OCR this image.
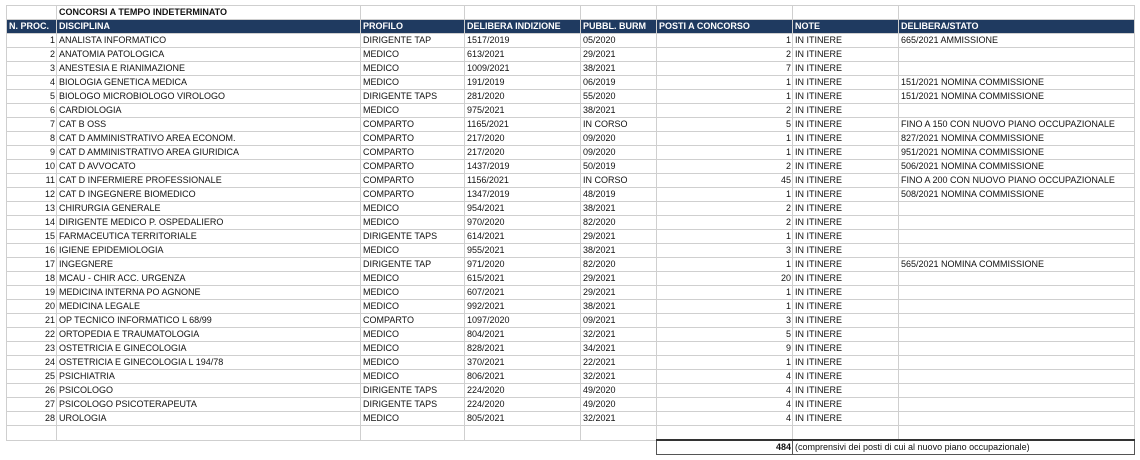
	CONCORSI A TEMPO INDETERMINATO						
N. PROC.	DISCIPLINA	PROFILO	DELIBERA INDIZIONE	PUBBL. BURM	POSTI A CONCORSO	NOTE	DELIBERA/STATO
1	ANALISTA INFORMATICO	DIRIGENTE TAP	1517/2019	05/2020	1	IN ITINERE	665/2021 AMMISSIONE
2	ANATOMIA PATOLOGICA	MEDICO	613/2021	29/2021	2	IN ITINERE	
3	ANESTESIA E RIANIMAZIONE	MEDICO	1009/2021	38/2021	7	IN ITINERE	
4	BIOLOGIA GENETICA MEDICA	MEDICO	191/2019	06/2019	1	IN ITINERE	151/2021 NOMINA COMMISSIONE
5	BIOLOGO MICROBIOLOGO VIROLOGO	DIRIGENTE TAPS	281/2020	55/2020	1	IN ITINERE	151/2021 NOMINA COMMISSIONE
6	CARDIOLOGIA	MEDICO	975/2021	38/2021	2	IN ITINERE	
7	CAT B OSS	COMPARTO	1165/2021	IN CORSO	5	IN ITINERE	FINO A 150 CON NUOVO PIANO OCCUPAZIONALE
8	CAT D AMMINISTRATIVO AREA ECONOM.	COMPARTO	217/2020	09/2020	1	IN ITINERE	827/2021 NOMINA COMMISSIONE
9	CAT D AMMINISTRATIVO AREA GIURIDICA	COMPARTO	217/2020	09/2020	1	IN ITINERE	951/2021 NOMINA COMMISSIONE
10	CAT D AVVOCATO	COMPARTO	1437/2019	50/2019	2	IN ITINERE	506/2021 NOMINA COMMISSIONE
11	CAT D INFERMIERE PROFESSIONALE	COMPARTO	1156/2021	IN CORSO	45	IN ITINERE	FINO A 200 CON NUOVO PIANO OCCUPAZIONALE
12	CAT D INGEGNERE BIOMEDICO	COMPARTO	1347/2019	48/2019	1	IN ITINERE	508/2021 NOMINA COMMISSIONE
13	CHIRURGIA GENERALE	MEDICO	954/2021	38/2021	2	IN ITINERE	
14	DIRIGENTE MEDICO P. OSPEDALIERO	MEDICO	970/2020	82/2020	2	IN ITINERE	
15	FARMACEUTICA TERRITORIALE	DIRIGENTE TAPS	614/2021	29/2021	1	IN ITINERE	
16	IGIENE EPIDEMIOLOGIA	MEDICO	955/2021	38/2021	3	IN ITINERE	
17	INGEGNERE	DIRIGENTE TAP	971/2020	82/2020	1	IN ITINERE	565/2021 NOMINA COMMISSIONE
18	MCAU - CHIR ACC. URGENZA	MEDICO	615/2021	29/2021	20	IN ITINERE	
19	MEDICINA INTERNA PO AGNONE	MEDICO	607/2021	29/2021	1	IN ITINERE	
20	MEDICINA LEGALE	MEDICO	992/2021	38/2021	1	IN ITINERE	
21	OP TECNICO INFORMATICO L 68/99	COMPARTO	1097/2020	09/2021	3	IN ITINERE	
22	ORTOPEDIA E TRAUMATOLOGIA	MEDICO	804/2021	32/2021	5	IN ITINERE	
23	OSTETRICIA E GINECOLOGIA	MEDICO	828/2021	34/2021	9	IN ITINERE	
24	OSTETRICIA E GINECOLOGIA L 194/78	MEDICO	370/2021	22/2021	1	IN ITINERE	
25	PSICHIATRIA	MEDICO	806/2021	32/2021	4	IN ITINERE	
26	PSICOLOGO	DIRIGENTE TAPS	224/2020	49/2020	4	IN ITINERE	
27	PSICOLOGO PSICOTERAPEUTA	DIRIGENTE TAPS	224/2020	49/2020	4	IN ITINERE	
28	UROLOGIA	MEDICO	805/2021	32/2021	4	IN ITINERE	

					484	(comprensivi dei posti di cui al nuovo piano occupazionale)	
